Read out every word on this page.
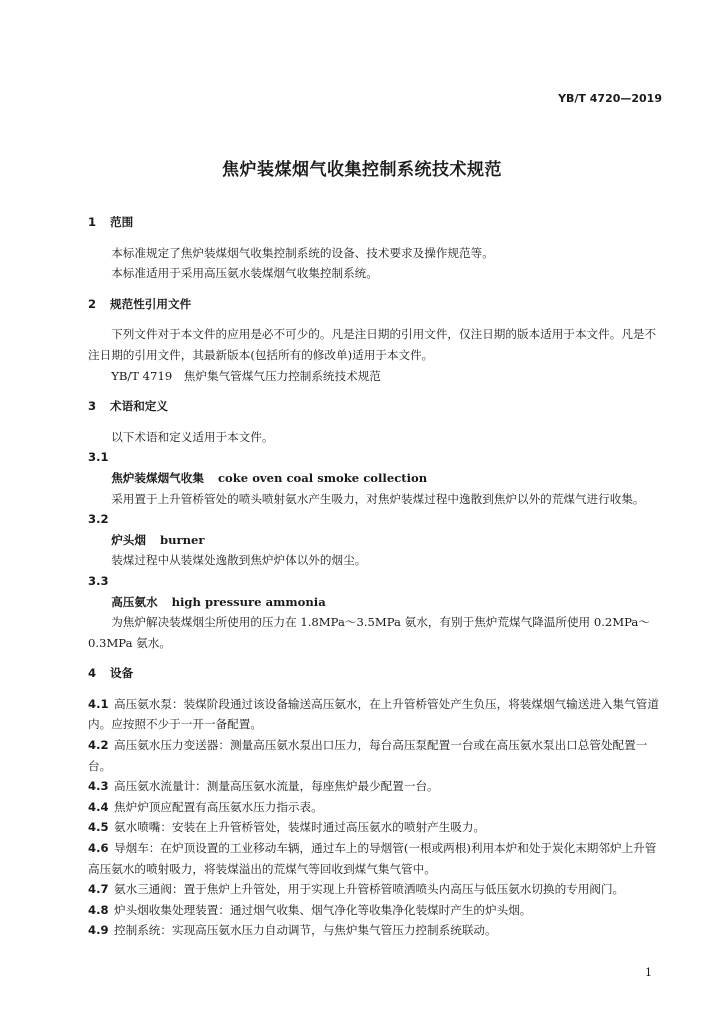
YB/T 4720—2019
焦炉装煤烟气收集控制系统技术规范
1 范围

本标准规定了焦炉装煤烟气收集控制系统的设备、技术要求及操作规范等。

本标准适用于采用高压氨水装煤烟气收集控制系统。

2 规范性引用文件

下列文件对于本文件的应用是必不可少的。凡是注日期的引用文件，仅注日期的版本适用于本文件。凡是不注日期的引用文件，其最新版本(包括所有的修改单)适用于本文件。

YB/T 4719　焦炉集气管煤气压力控制系统技术规范

3 术语和定义

以下术语和定义适用于本文件。

3.1

焦炉装煤烟气收集 coke oven coal smoke collection

采用置于上升管桥管处的喷头喷射氨水产生吸力，对焦炉装煤过程中逸散到焦炉以外的荒煤气进行收集。

3.2

炉头烟 burner

装煤过程中从装煤处逸散到焦炉炉体以外的烟尘。

3.3

高压氨水 high pressure ammonia

为焦炉解决装煤烟尘所使用的压力在 1.8MPa～3.5MPa 氨水，有别于焦炉荒煤气降温所使用 0.2MPa～0.3MPa 氨水。

4 设备

4.1 高压氨水泵：装煤阶段通过该设备输送高压氨水，在上升管桥管处产生负压，将装煤烟气输送进入集气管道内。应按照不少于一开一备配置。

4.2 高压氨水压力变送器：测量高压氨水泵出口压力，每台高压泵配置一台或在高压氨水泵出口总管处配置一台。

4.3 高压氨水流量计：测量高压氨水流量，每座焦炉最少配置一台。

4.4 焦炉炉顶应配置有高压氨水压力指示表。

4.5 氨水喷嘴：安装在上升管桥管处，装煤时通过高压氨水的喷射产生吸力。

4.6 导烟车：在炉顶设置的工业移动车辆，通过车上的导烟管(一根或两根)利用本炉和处于炭化末期邻炉上升管高压氨水的喷射吸力，将装煤溢出的荒煤气等回收到煤气集气管中。

4.7 氨水三通阀：置于焦炉上升管处，用于实现上升管桥管喷洒喷头内高压与低压氨水切换的专用阀门。

4.8 炉头烟收集处理装置：通过烟气收集、烟气净化等收集净化装煤时产生的炉头烟。

4.9 控制系统：实现高压氨水压力自动调节，与焦炉集气管压力控制系统联动。

1
